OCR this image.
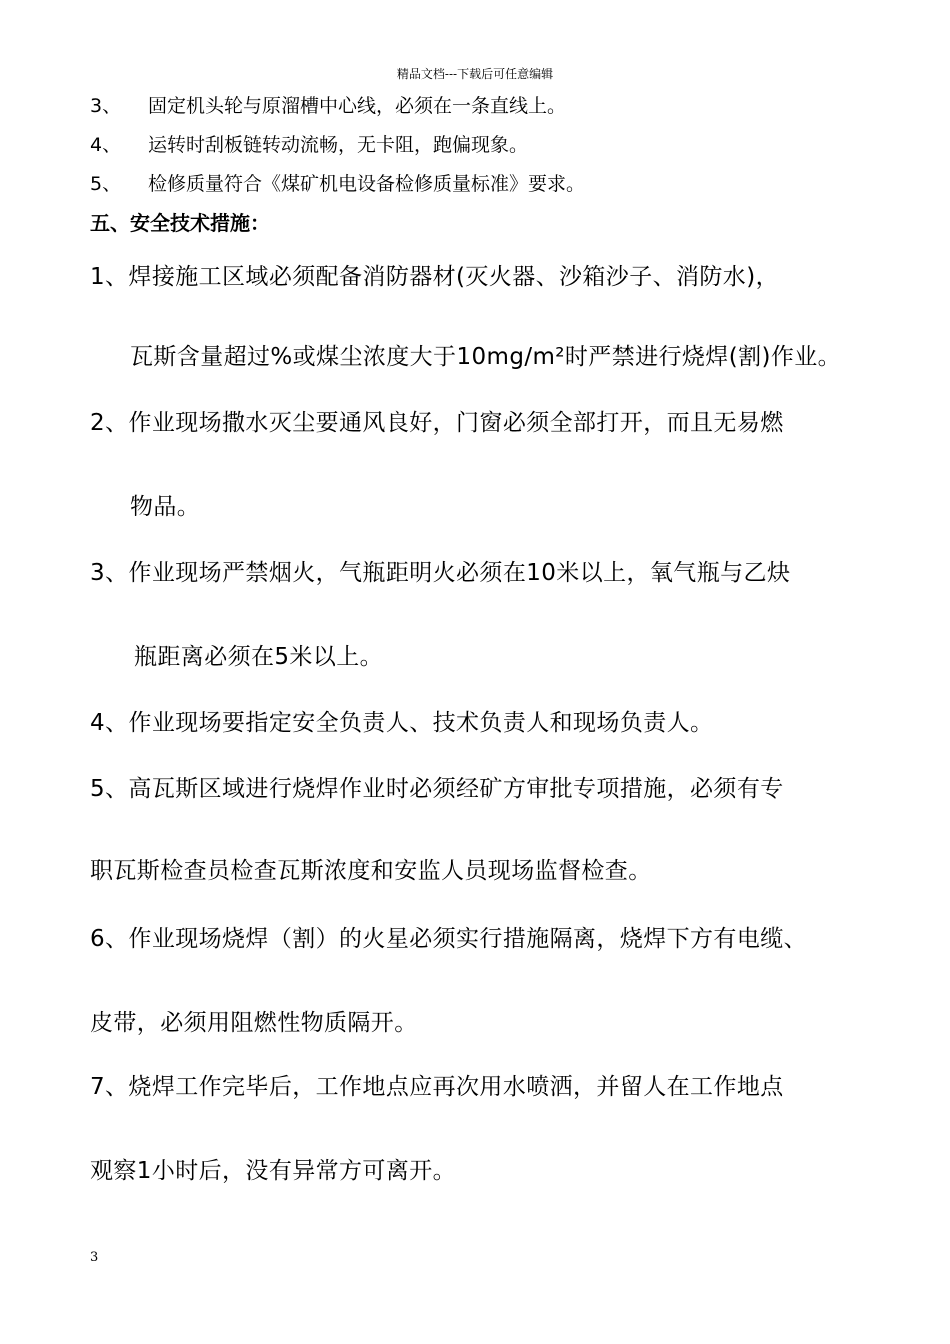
精品文档---下载后可任意编辑
3、 固定机头轮与原溜槽中心线，必须在一条直线上。
4、 运转时刮板链转动流畅，无卡阻，跑偏现象。
5、 检修质量符合《煤矿机电设备检修质量标准》要求。
五、安全技术措施：
1、焊接施工区域必须配备消防器材(灭火器、沙箱沙子、消防水)，
瓦斯含量超过%或煤尘浓度大于10mg/m²时严禁进行烧焊(割)作业。
2、作业现场撒水灭尘要通风良好，门窗必须全部打开，而且无易燃
物品。
3、作业现场严禁烟火，气瓶距明火必须在10米以上，氧气瓶与乙炔
瓶距离必须在5米以上。
4、作业现场要指定安全负责人、技术负责人和现场负责人。
5、高瓦斯区域进行烧焊作业时必须经矿方审批专项措施，必须有专
职瓦斯检查员检查瓦斯浓度和安监人员现场监督检查。
6、作业现场烧焊（割）的火星必须实行措施隔离，烧焊下方有电缆、
皮带，必须用阻燃性物质隔开。
7、烧焊工作完毕后，工作地点应再次用水喷洒，并留人在工作地点
观察1小时后，没有异常方可离开。
3
